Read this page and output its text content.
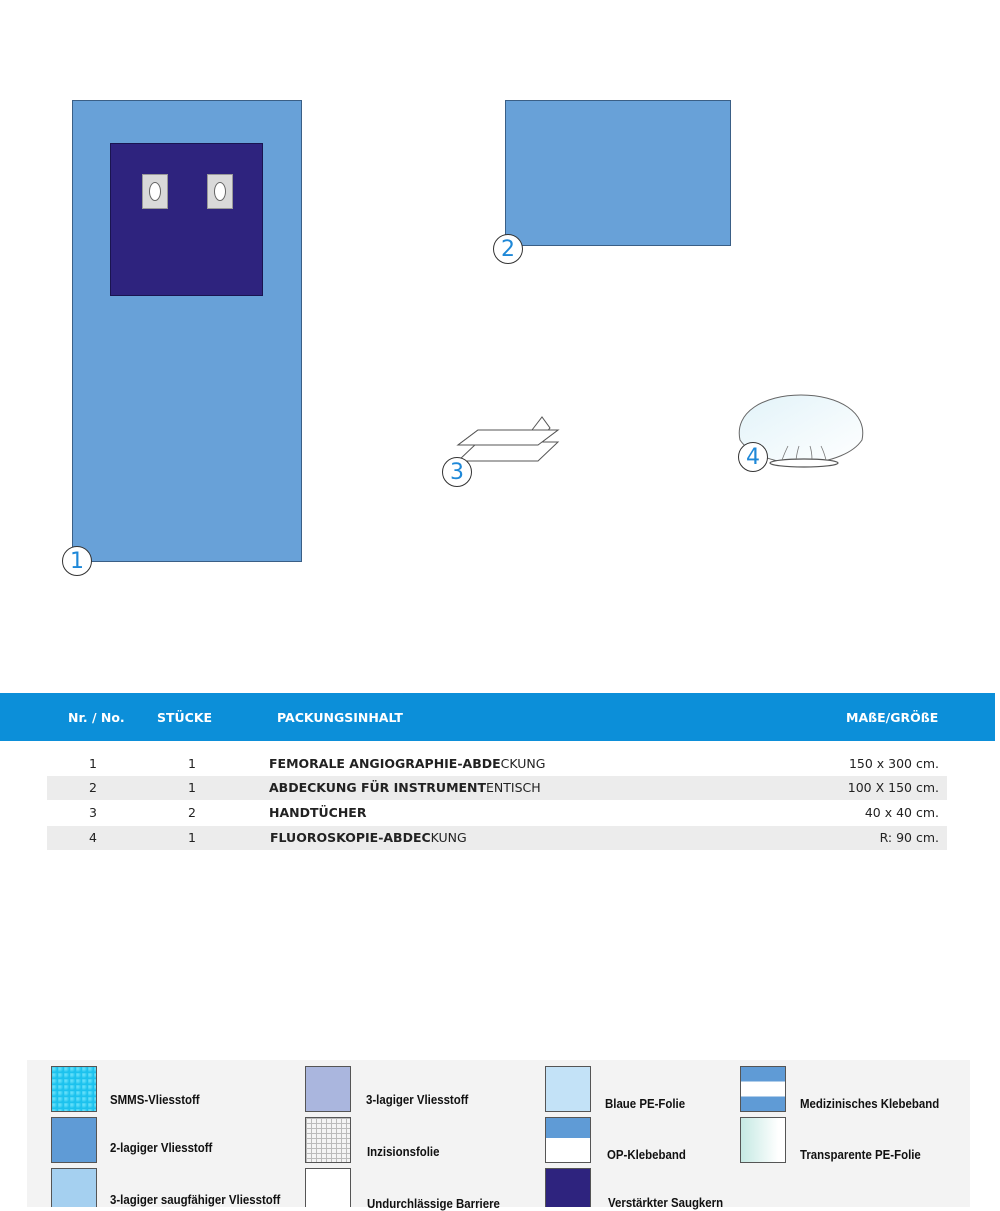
1
2
3
4
Nr. / No.	STÜCKE	PACKUNGSINHALT	MAßE/GRÖßE
1	1	FEMORALE ANGIOGRAPHIE-ABDECKUNG	150 x 300 cm.
2	1	ABDECKUNG FÜR INSTRUMENTENTISCH	100 X 150 cm.
3	2	HANDTÜCHER	40 x 40 cm.
4	1	FLUOROSKOPIE-ABDECKUNG	R: 90 cm.
SMMS-Vliesstoff
2-lagiger Vliesstoff
3-lagiger saugfähiger Vliesstoff
3-lagiger Vliesstoff
Inzisionsfolie
Undurchlässige Barriere
Blaue PE-Folie
OP-Klebeband
Verstärkter Saugkern
Medizinisches Klebeband
Transparente PE-Folie
